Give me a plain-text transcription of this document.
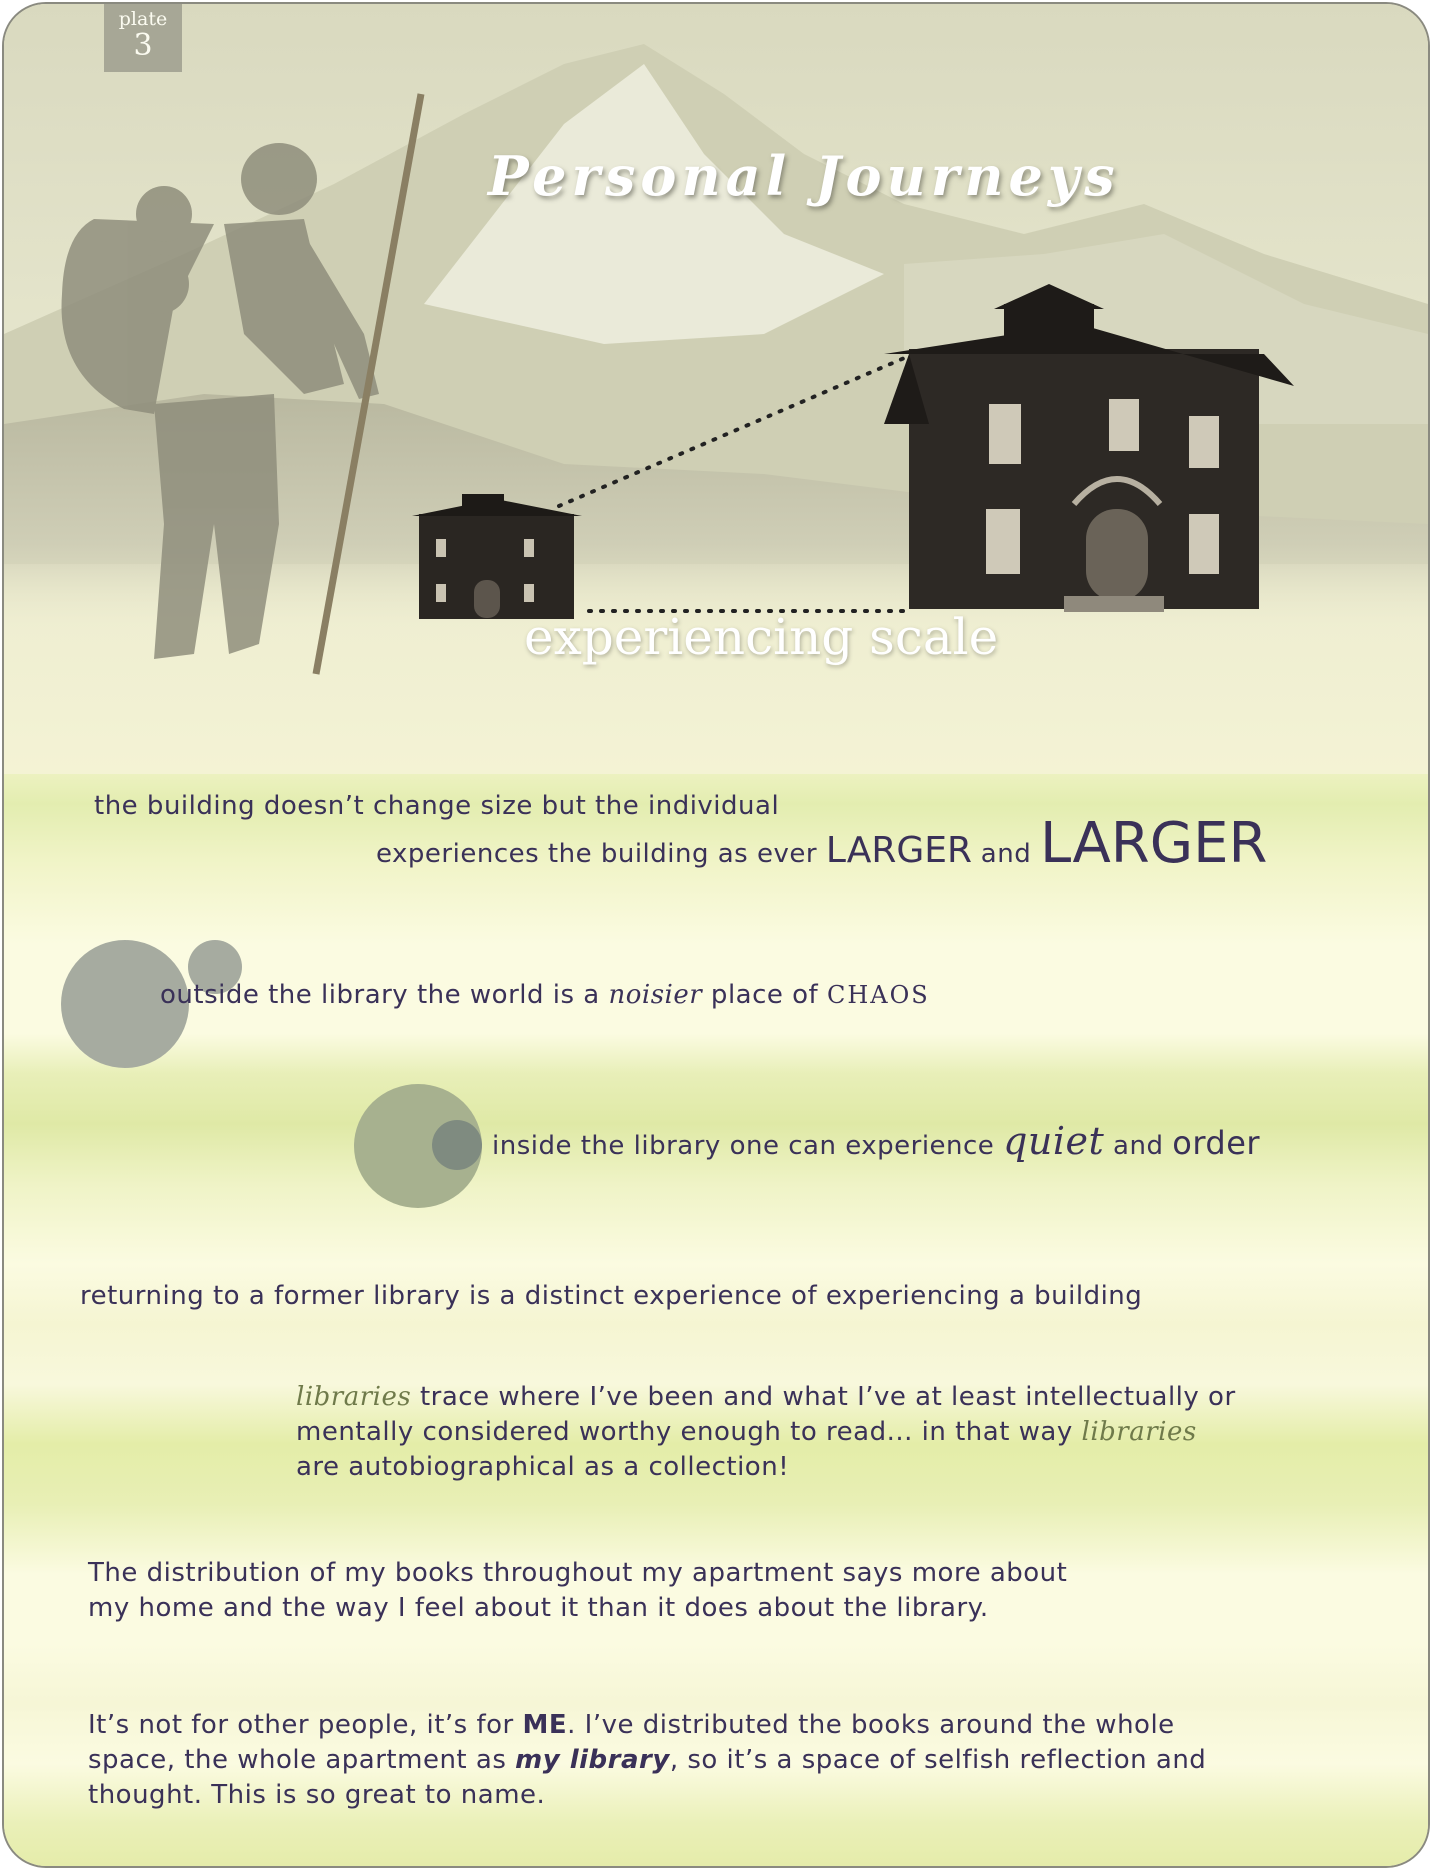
plate
3
Personal Journeys
experiencing scale
the building doesn’t change size but the individual
experiences the building as ever LARGER and LARGER
outside the library the world is a noisier place of CHAOS
inside the library one can experience quiet and order
returning to a former library is a distinct experience of experiencing a building
libraries trace where I’ve been and what I’ve at least intellectually or
mentally considered worthy enough to read... in that way libraries
are autobiographical as a collection!
The distribution of my books throughout my apartment says more about
my home and the way I feel about it than it does about the library.
It’s not for other people, it’s for ME. I’ve distributed the books around the whole
space, the whole apartment as my library, so it’s a space of selfish reflection and
thought. This is so great to name.
